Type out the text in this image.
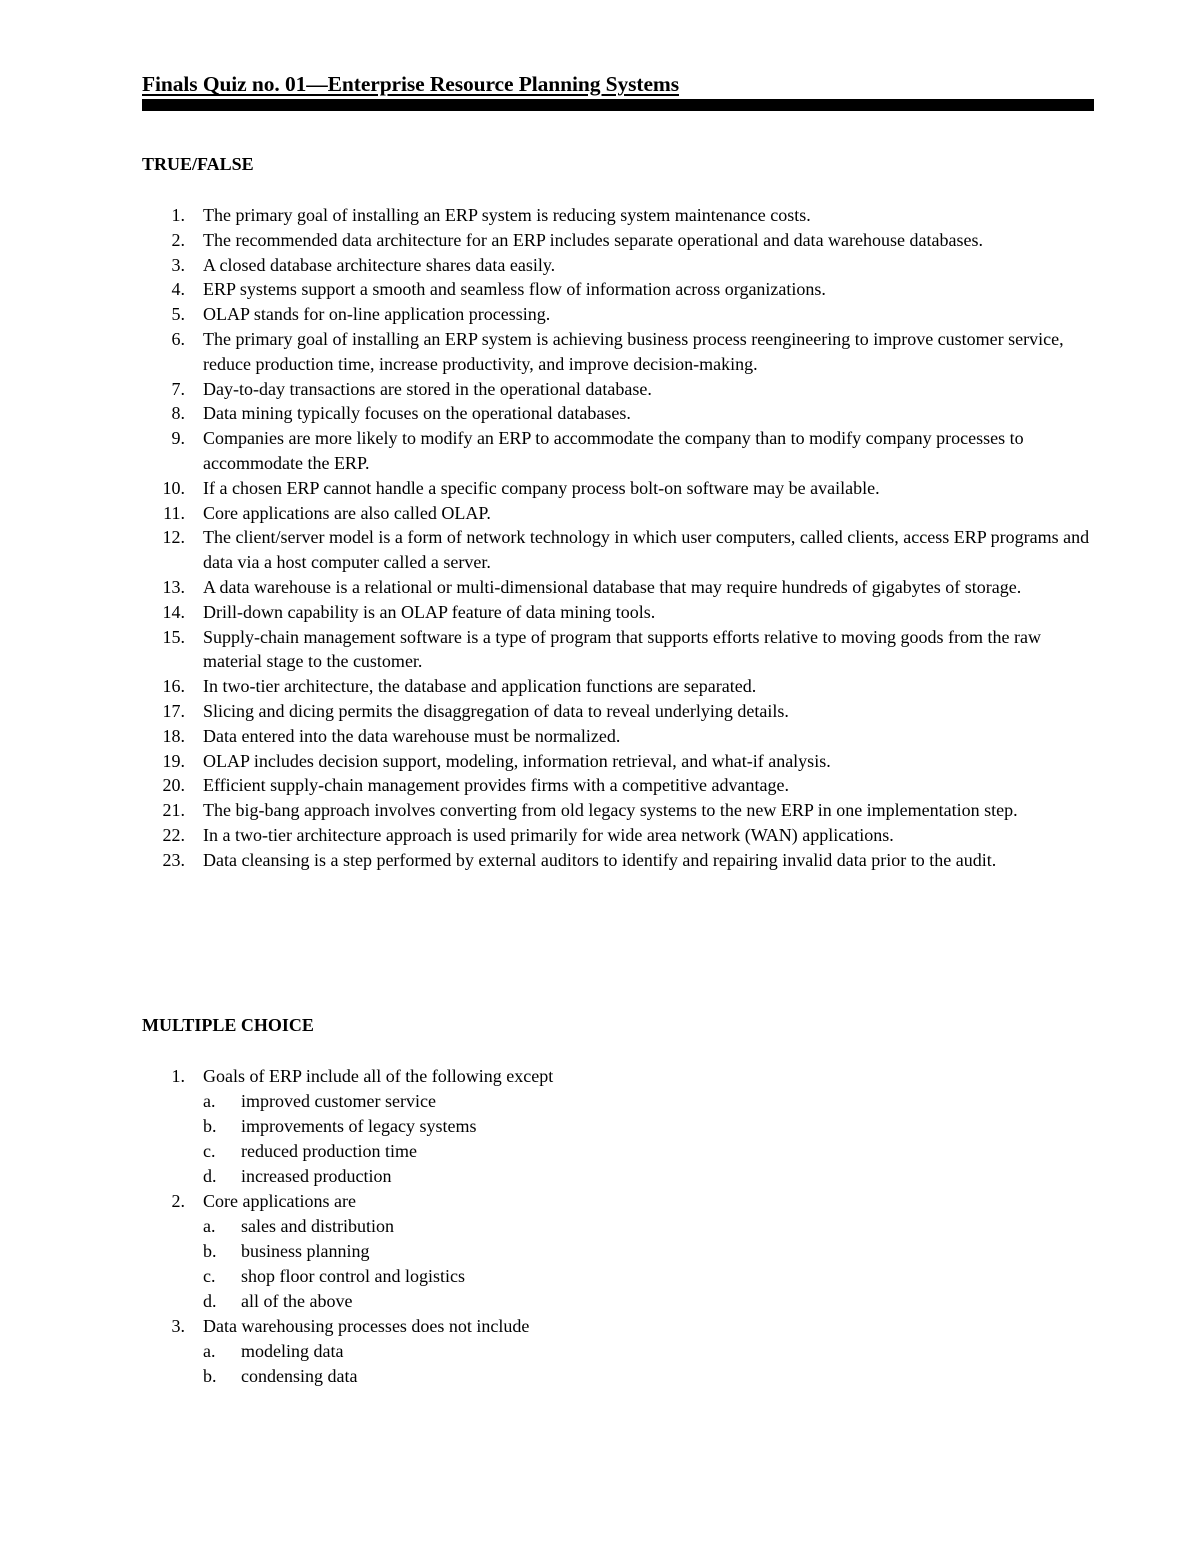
Finals Quiz no. 01—Enterprise Resource Planning Systems
TRUE/FALSE
1. The primary goal of installing an ERP system is reducing system maintenance costs.
2. The recommended data architecture for an ERP includes separate operational and data warehouse databases.
3. A closed database architecture shares data easily.
4. ERP systems support a smooth and seamless flow of information across organizations.
5. OLAP stands for on-line application processing.
6. The primary goal of installing an ERP system is achieving business process reengineering to improve customer service, reduce production time, increase productivity, and improve decision-making.
7. Day-to-day transactions are stored in the operational database.
8. Data mining typically focuses on the operational databases.
9. Companies are more likely to modify an ERP to accommodate the company than to modify company processes to accommodate the ERP.
10. If a chosen ERP cannot handle a specific company process bolt-on software may be available.
11. Core applications are also called OLAP.
12. The client/server model is a form of network technology in which user computers, called clients, access ERP programs and data via a host computer called a server.
13. A data warehouse is a relational or multi-dimensional database that may require hundreds of gigabytes of storage.
14. Drill-down capability is an OLAP feature of data mining tools.
15. Supply-chain management software is a type of program that supports efforts relative to moving goods from the raw material stage to the customer.
16. In two-tier architecture, the database and application functions are separated.
17. Slicing and dicing permits the disaggregation of data to reveal underlying details.
18. Data entered into the data warehouse must be normalized.
19. OLAP includes decision support, modeling, information retrieval, and what-if analysis.
20. Efficient supply-chain management provides firms with a competitive advantage.
21. The big-bang approach involves converting from old legacy systems to the new ERP in one implementation step.
22. In a two-tier architecture approach is used primarily for wide area network (WAN) applications.
23. Data cleansing is a step performed by external auditors to identify and repairing invalid data prior to the audit.
MULTIPLE CHOICE
1. Goals of ERP include all of the following except
a.	improved customer service
b.	improvements of legacy systems
c.	reduced production time
d.	increased production
2. Core applications are
a.	sales and distribution
b.	business planning
c.	shop floor control and logistics
d.	all of the above
3. Data warehousing processes does not include
a.	modeling data
b.	condensing data
